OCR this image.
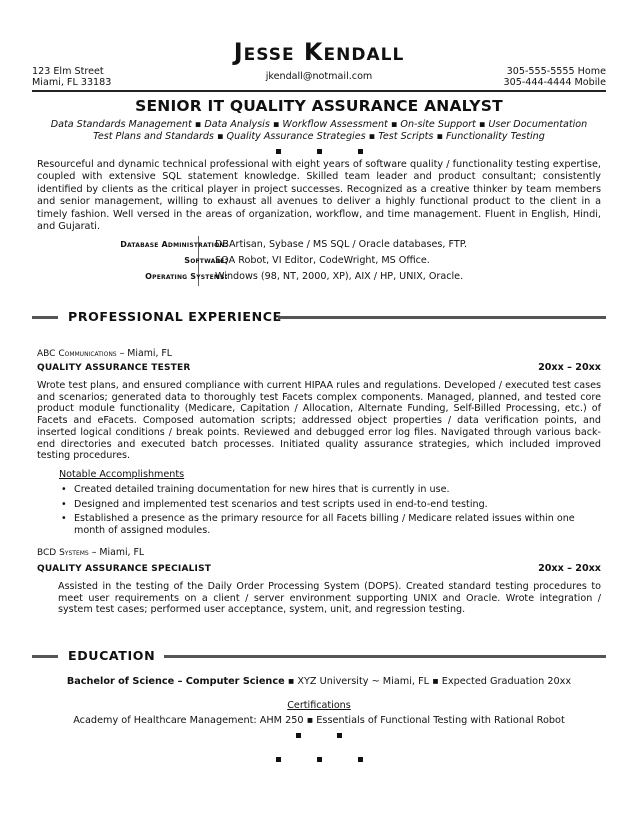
Jesse Kendall
123 Elm Street
Miami, FL 33183
jkendall@notmail.com	305-555-5555 Home
305-444-4444 Mobile
SENIOR IT QUALITY ASSURANCE ANALYST
Data Standards Management ▪ Data Analysis ▪ Workflow Assessment ▪ On-site Support ▪ User Documentation
Test Plans and Standards ▪ Quality Assurance Strategies ▪ Test Scripts ▪ Functionality Testing
Resourceful and dynamic technical professional with eight years of software quality / functionality testing expertise, coupled with extensive SQL statement knowledge. Skilled team leader and product consultant; consistently identified by clients as the critical player in project successes. Recognized as a creative thinker by team members and senior management, willing to exhaust all avenues to deliver a highly functional product to the client in a timely fashion. Well versed in the areas of organization, workflow, and time management. Fluent in English, Hindi, and Gujarati.
Database Administration:
DBArtisan, Sybase / MS SQL / Oracle databases, FTP.
Software:
SQA Robot, VI Editor, CodeWright, MS Office.
Operating Systems:
Windows (98, NT, 2000, XP), AIX / HP, UNIX, Oracle.
PROFESSIONAL EXPERIENCE
ABC Communications – Miami, FL
QUALITY ASSURANCE TESTER	20xx – 20xx
Wrote test plans, and ensured compliance with current HIPAA rules and regulations. Developed / executed test cases and scenarios; generated data to thoroughly test Facets complex components. Managed, planned, and tested core product module functionality (Medicare, Capitation / Allocation, Alternate Funding, Self-Billed Processing, etc.) of Facets and eFacets. Composed automation scripts; addressed object properties / data verification points, and inserted logical conditions / break points. Reviewed and debugged error log files. Navigated through various back-end directories and executed batch processes. Initiated quality assurance strategies, which included improved testing procedures.
Notable Accomplishments
• Created detailed training documentation for new hires that is currently in use.
• Designed and implemented test scenarios and test scripts used in end-to-end testing.
• Established a presence as the primary resource for all Facets billing / Medicare related issues within one month of assigned modules.
BCD Systems – Miami, FL
QUALITY ASSURANCE SPECIALIST	20xx – 20xx
Assisted in the testing of the Daily Order Processing System (DOPS). Created standard testing procedures to meet user requirements on a client / server environment supporting UNIX and Oracle. Wrote integration / system test cases; performed user acceptance, system, unit, and regression testing.
EDUCATION
Bachelor of Science – Computer Science ▪ XYZ University ~ Miami, FL ▪ Expected Graduation 20xx
Certifications
Academy of Healthcare Management: AHM 250 ▪ Essentials of Functional Testing with Rational Robot
